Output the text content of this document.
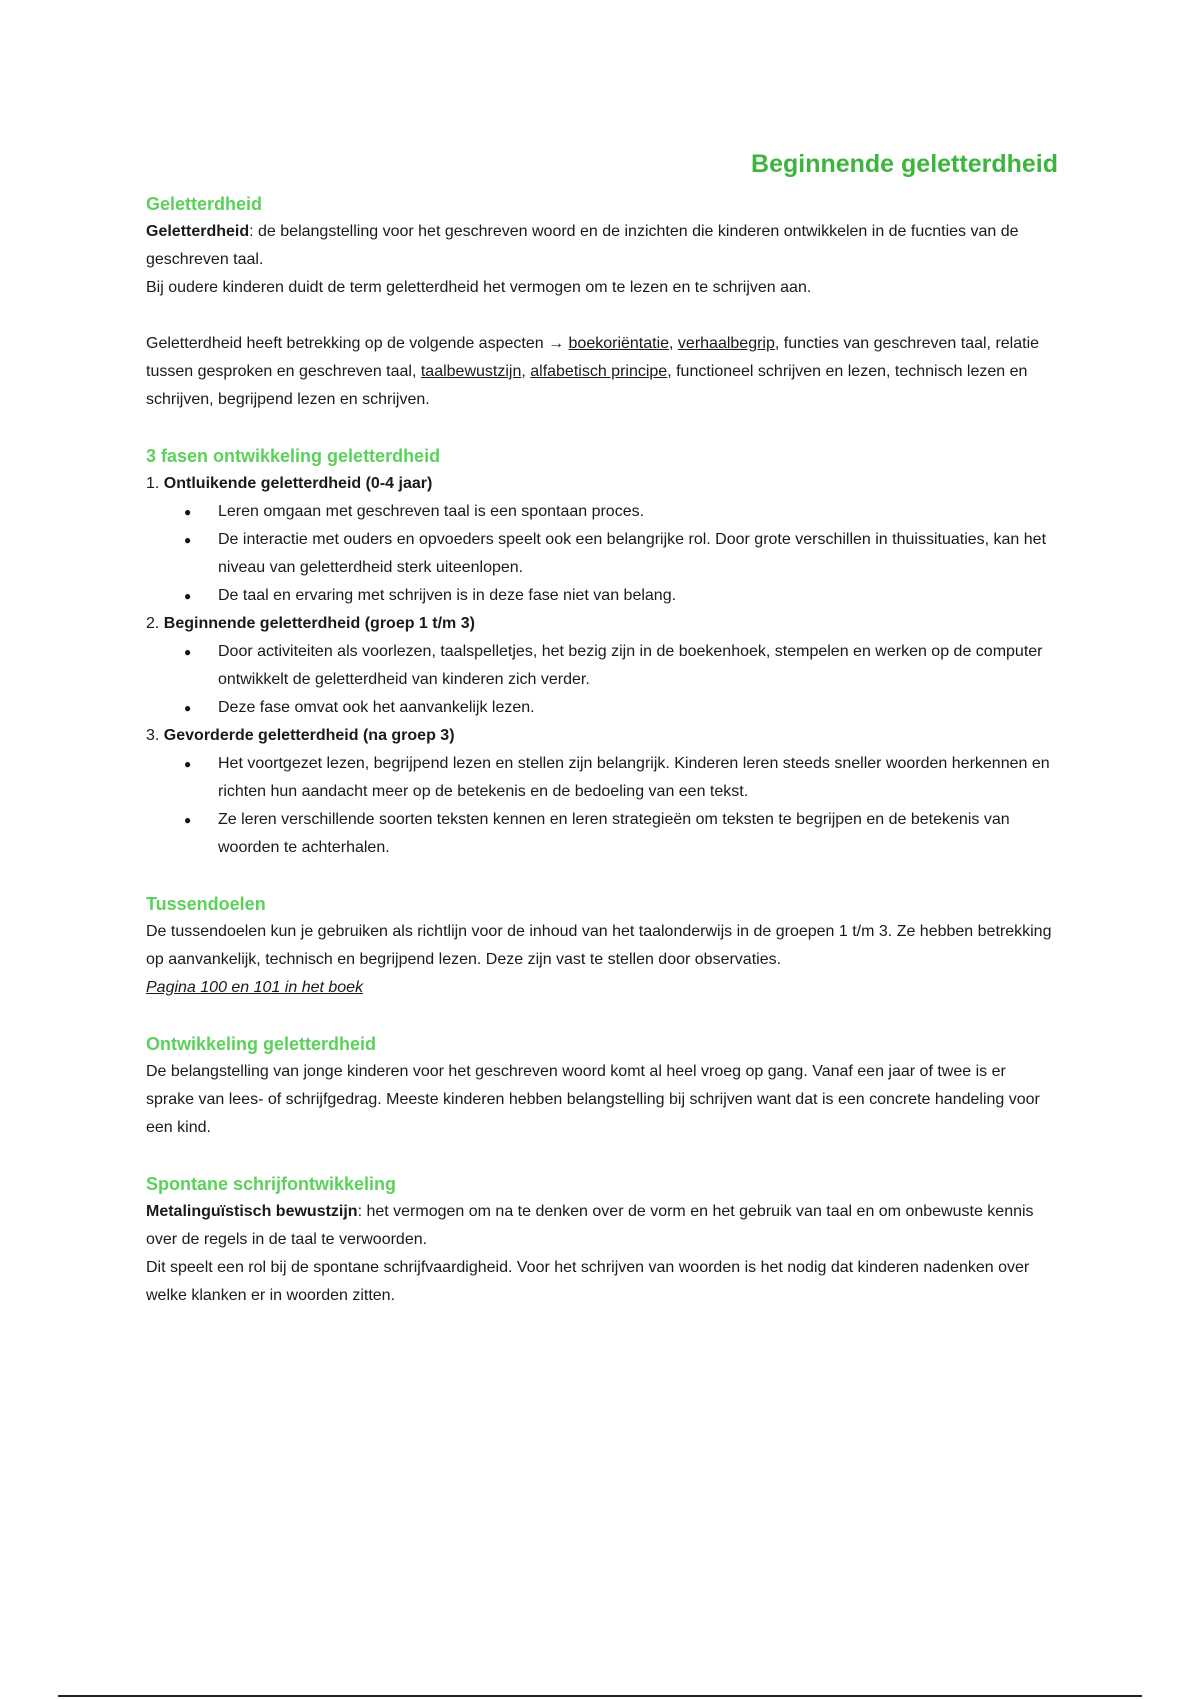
Beginnende geletterdheid
Geletterdheid

Geletterdheid: de belangstelling voor het geschreven woord en de inzichten die kinderen ontwikkelen in de fucnties van de geschreven taal.

Bij oudere kinderen duidt de term geletterdheid het vermogen om te lezen en te schrijven aan.

Geletterdheid heeft betrekking op de volgende aspecten → boekoriëntatie, verhaalbegrip, functies van geschreven taal, relatie tussen gesproken en geschreven taal, taalbewustzijn, alfabetisch principe, functioneel schrijven en lezen, technisch lezen en schrijven, begrijpend lezen en schrijven.

3 fasen ontwikkeling geletterdheid
1. Ontluikende geletterdheid (0-4 jaar)
● Leren omgaan met geschreven taal is een spontaan proces.
● De interactie met ouders en opvoeders speelt ook een belangrijke rol. Door grote verschillen in thuissituaties, kan het niveau van geletterdheid sterk uiteenlopen.
● De taal en ervaring met schrijven is in deze fase niet van belang.
2. Beginnende geletterdheid (groep 1 t/m 3)
● Door activiteiten als voorlezen, taalspelletjes, het bezig zijn in de boekenhoek, stempelen en werken op de computer ontwikkelt de geletterdheid van kinderen zich verder.
● Deze fase omvat ook het aanvankelijk lezen.
3. Gevorderde geletterdheid (na groep 3)
● Het voortgezet lezen, begrijpend lezen en stellen zijn belangrijk. Kinderen leren steeds sneller woorden herkennen en richten hun aandacht meer op de betekenis en de bedoeling van een tekst.
● Ze leren verschillende soorten teksten kennen en leren strategieën om teksten te begrijpen en de betekenis van woorden te achterhalen.
Tussendoelen

De tussendoelen kun je gebruiken als richtlijn voor de inhoud van het taalonderwijs in de groepen 1 t/m 3. Ze hebben betrekking op aanvankelijk, technisch en begrijpend lezen. Deze zijn vast te stellen door observaties.

Pagina 100 en 101 in het boek

Ontwikkeling geletterdheid

De belangstelling van jonge kinderen voor het geschreven woord komt al heel vroeg op gang. Vanaf een jaar of twee is er sprake van lees- of schrijfgedrag. Meeste kinderen hebben belangstelling bij schrijven want dat is een concrete handeling voor een kind.

Spontane schrijfontwikkeling

Metalinguïstisch bewustzijn: het vermogen om na te denken over de vorm en het gebruik van taal en om onbewuste kennis over de regels in de taal te verwoorden.

Dit speelt een rol bij de spontane schrijfvaardigheid. Voor het schrijven van woorden is het nodig dat kinderen nadenken over welke klanken er in woorden zitten.
